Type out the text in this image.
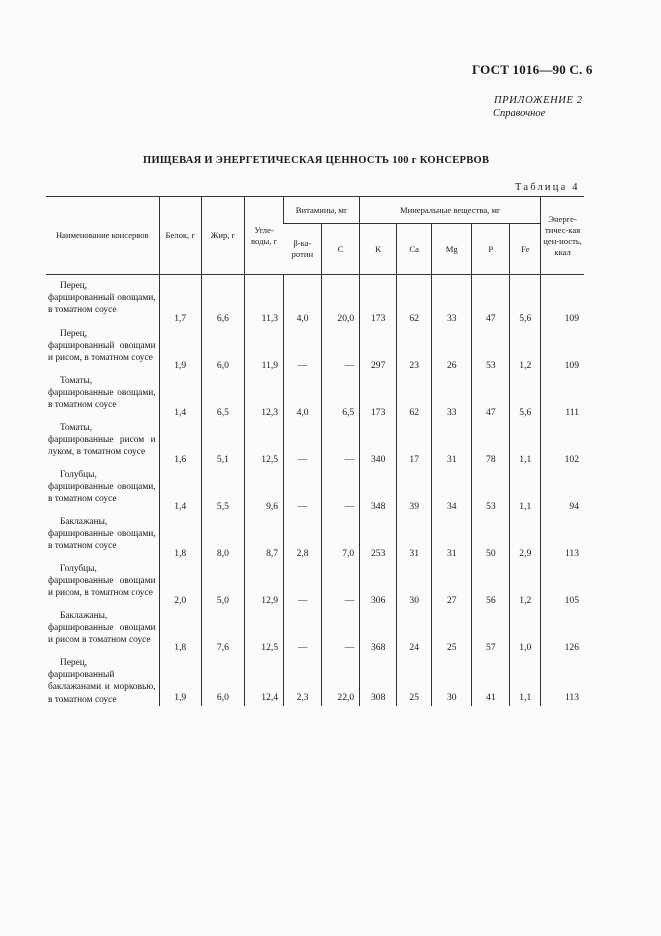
ГОСТ 1016—90 С. 6
ПРИЛОЖЕНИЕ 2
Справочное
ПИЩЕВАЯ И ЭНЕРГЕТИЧЕСКАЯ ЦЕННОСТЬ 100 г КОНСЕРВОВ
Таблица 4
Наименование консервов	Белок, г	Жир, г	Угле-воды, г	Витамины, мг		Минеральные вещества, мг					Энерге-тичес-кая цен-ность, ккал
				β-ка-ротин	С	K	Ca	Mg	P	Fe	
Перец, фаршированный овощами, в томатном соусе	1,7	6,6	11,3	4,0	20,0	173	62	33	47	5,6	109
Перец, фаршированный овощами и рисом, в томатном соусе	1,9	6,0	11,9	—	—	297	23	26	53	1,2	109
Томаты, фаршированные овощами, в томатном соусе	1,4	6,5	12,3	4,0	6,5	173	62	33	47	5,6	111
Томаты, фаршированные рисом и луком, в томатном соусе	1,6	5,1	12,5	—	—	340	17	31	78	1,1	102
Голубцы, фаршированные овощами, в томатном соусе	1,4	5,5	9,6	—	—	348	39	34	53	1,1	94
Баклажаны, фаршированные овощами, в томатном соусе	1,8	8,0	8,7	2,8	7,0	253	31	31	50	2,9	113
Голубцы, фаршированные овощами и рисом, в томатном соусе	2,0	5,0	12,9	—	—	306	30	27	56	1,2	105
Баклажаны, фаршированные овощами и рисом в томатном соусе	1,8	7,6	12,5	—	—	368	24	25	57	1,0	126
Перец, фаршированный баклажанами и морковью, в томатном соусе	1,9	6,0	12,4	2,3	22,0	308	25	30	41	1,1	113
